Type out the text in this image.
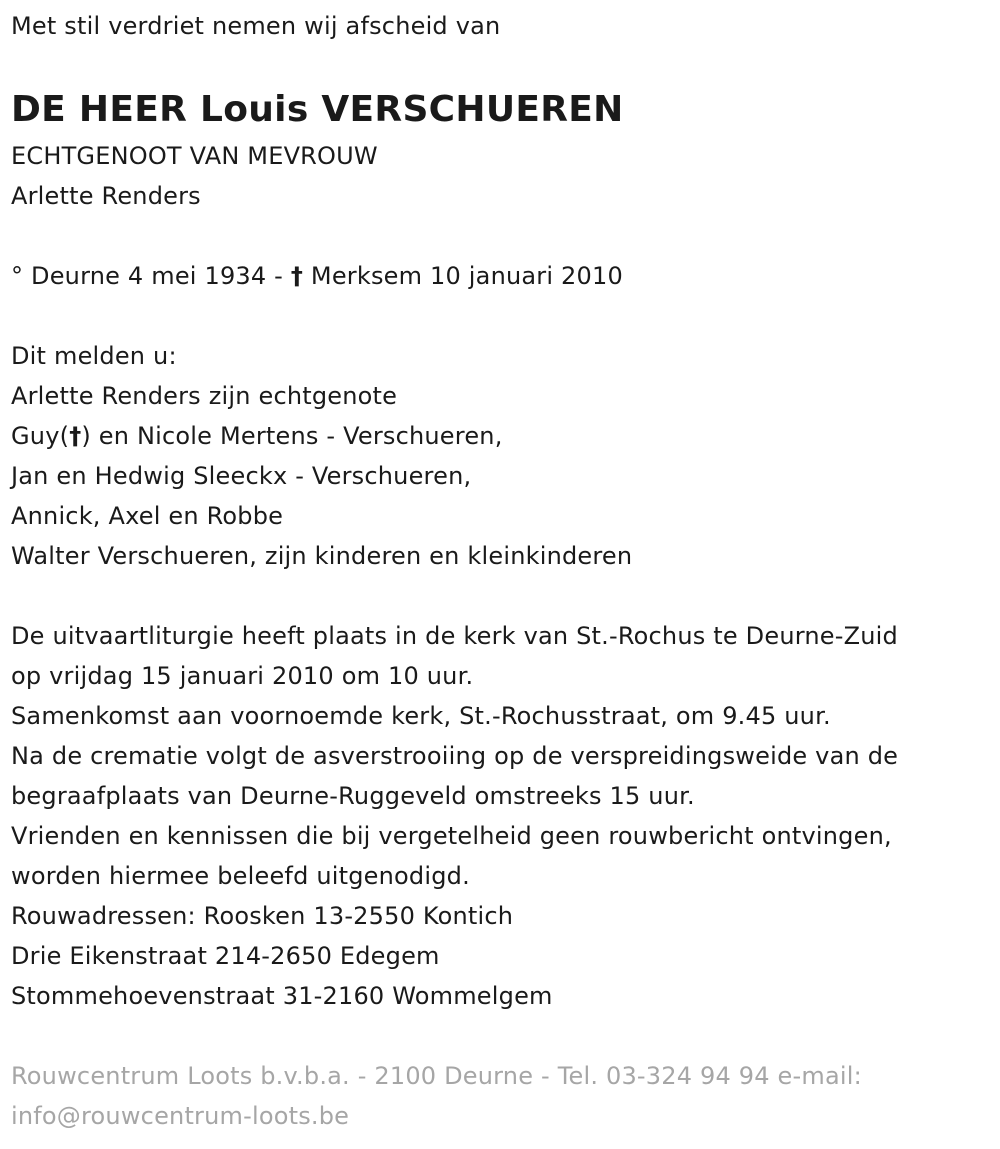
Met stil verdriet nemen wij afscheid van
DE HEER Louis VERSCHUEREN
ECHTGENOOT VAN MEVROUW
Arlette Renders
° Deurne 4 mei 1934 - † Merksem 10 januari 2010
Dit melden u:
Arlette Renders zijn echtgenote
Guy(†) en Nicole Mertens - Verschueren,
Jan en Hedwig Sleeckx - Verschueren,
Annick, Axel en Robbe
Walter Verschueren, zijn kinderen en kleinkinderen
De uitvaartliturgie heeft plaats in de kerk van St.-Rochus te Deurne-Zuid
op vrijdag 15 januari 2010 om 10 uur.
Samenkomst aan voornoemde kerk, St.-Rochusstraat, om 9.45 uur.
Na de crematie volgt de asverstrooiing op de verspreidingsweide van de
begraafplaats van Deurne-Ruggeveld omstreeks 15 uur.
Vrienden en kennissen die bij vergetelheid geen rouwbericht ontvingen,
worden hiermee beleefd uitgenodigd.
Rouwadressen: Roosken 13-2550 Kontich
Drie Eikenstraat 214-2650 Edegem
Stommehoevenstraat 31-2160 Wommelgem
Rouwcentrum Loots b.v.b.a. - 2100 Deurne - Tel. 03-324 94 94 e-mail:
info@rouwcentrum-loots.be
